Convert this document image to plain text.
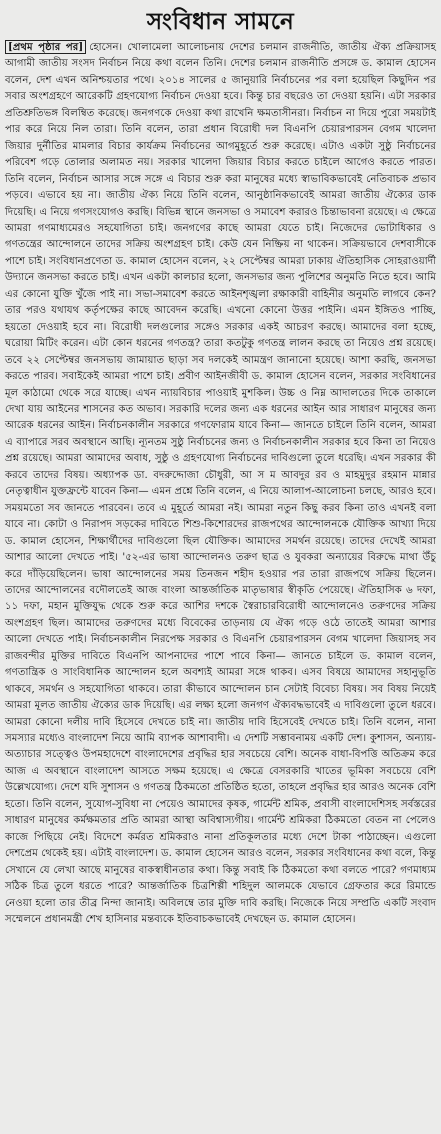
সংবিধান সামনে

[প্রথম পৃষ্ঠার পর] হোসেন। খোলামেলা আলোচনায় দেশের চলমান রাজনীতি, জাতীয় ঐক্য প্রক্রিয়াসহ আগামী জাতীয় সংসদ নির্বাচন নিয়ে কথা বলেন তিনি। দেশের চলমান রাজনীতি প্রসঙ্গে ড. কামাল হোসেন বলেন, দেশ এখন অনিশ্চয়তার পথে। ২০১৪ সালের ৫ জানুয়ারি নির্বাচনের পর বলা হয়েছিল কিছুদিন পর সবার অংশগ্রহণে আরেকটি গ্রহণযোগ্য নির্বাচন দেওয়া হবে। কিন্তু চার বছরেও তা দেওয়া হয়নি। এটা সরকার প্রতিশ্রুতিভঙ্গ বিলম্বিত করেছে। জনগণকে দেওয়া কথা রাখেনি ক্ষমতাসীনরা। নির্বাচন না দিয়ে পুরো সময়টাই পার করে নিয়ে নিল তারা। তিনি বলেন, তারা প্রধান বিরোধী দল বিএনপি চেয়ারপারসন বেগম খালেদা জিয়ার দুর্নীতির মামলার বিচার কার্যক্রম নির্বাচনের আগমুহূর্তে শুরু করেছে। এটাও একটা সুষ্ঠু নির্বাচনের পরিবেশ গড়ে তোলার অলামত নয়। সরকার খালেদা জিয়ার বিচার করতে চাইলে আগেও করতে পারত। তিনি বলেন, নির্বাচন আসার সঙ্গে সঙ্গে এ বিচার শুরু করা মানুষের মধ্যে স্বাভাবিকভাবেই নেতিবাচক প্রভাব পড়বে। এভাবে হয় না। জাতীয় ঐক্য নিয়ে তিনি বলেন, আনুষ্ঠানিকভাবেই আমরা জাতীয় ঐক্যের ডাক দিয়েছি। এ নিয়ে গণসংযোগও করছি। বিভিন্ন স্থানে জনসভা ও সমাবেশ করারও চিন্তাভাবনা রয়েছে। এ ক্ষেত্রে আমরা গণমাধ্যমেরও সহযোগিতা চাই। জনগণের কাছে আমরা যেতে চাই। নিজেদের ভোটাধিকার ও গণতন্ত্রের আন্দোলনে তাদের সক্রিয় অংশগ্রহণ চাই। কেউ যেন নিষ্ক্রিয় না থাকেন। সক্রিয়ভাবে দেশবাসীকে পাশে চাই। সংবিধানপ্রণেতা ড. কামাল হোসেন বলেন, ২২ সেপ্টেম্বর আমরা ঢাকায় ঐতিহাসিক সোহরাওয়ার্দী উদ্যানে জনসভা করতে চাই। এখন একটা কালচার হলো, জনসভার জন্য পুলিশের অনুমতি নিতে হবে। আমি এর কোনো যুক্তি খুঁজে পাই না। সভা-সমাবেশ করতে আইনশৃঙ্খলা রক্ষাকারী বাহিনীর অনুমতি লাগবে কেন? তার পরও যথাযথ কর্তৃপক্ষের কাছে আবেদন করেছি। এখনো কোনো উত্তর পাইনি। এমন ইঙ্গিতও পাচ্ছি, হয়তো দেওয়াই হবে না। বিরোধী দলগুলোর সঙ্গেও সরকার একই আচরণ করছে। আমাদের বলা হচ্ছে, ঘরোয়া মিটিং করেন। এটা কোন ধরনের গণতন্ত্র? তারা কতটুকু গণতন্ত্র লালন করছে তা নিয়েও প্রশ্ন রয়েছে। তবে ২২ সেপ্টেম্বর জনসভায় জামায়াত ছাড়া সব দলকেই আমন্ত্রণ জানানো হয়েছে। আশা করছি, জনসভা করতে পারব। সবাইকেই আমরা পাশে চাই। প্রবীণ আইনজীবী ড. কামাল হোসেন বলেন, সরকার সংবিধানের মূল কাঠামো থেকে সরে যাচ্ছে। এখন ন্যায়বিচার পাওয়াই মুশকিল। উচ্চ ও নিম্ন আদালতের দিকে তাকালে দেখা যায় আইনের শাসনের কত অভাব। সরকারি দলের জন্য এক ধরনের আইন আর সাধারণ মানুষের জন্য আরেক ধরনের আইন। নির্বাচনকালীন সরকারে গণফোরাম যাবে কিনা— জানতে চাইলে তিনি বলেন, আমরা এ ব্যাপারে সরব অবস্থানে আছি। ন্যূনতম সুষ্ঠু নির্বাচনের জন্য ও নির্বাচনকালীন সরকার হবে কিনা তা নিয়েও প্রশ্ন রয়েছে। আমরা আমাদের অবাধ, সুষ্ঠু ও গ্রহণযোগ্য নির্বাচনের দাবিগুলো তুলে ধরেছি। এখন সরকার কী করবে তাদের বিষয়। অধ্যাপক ডা. বদরুদ্দোজা চৌধুরী, আ স ম আবদুর রব ও মাহমুদুর রহমান মান্নার নেতৃত্বাধীন যুক্তফ্রন্টে যাবেন কিনা— এমন প্রশ্নে তিনি বলেন, এ নিয়ে আলাপ-আলোচনা চলছে, আরও হবে। সময়মতো সব জানতে পারবেন। তবে এ মুহূর্তে আমরা নই। আমরা নতুন কিছু করব কিনা তাও এখনই বলা যাবে না। কোটা ও নিরাপদ সড়কের দাবিতে শিশু-কিশোরদের রাজপথের আন্দোলনকে যৌক্তিক আখ্যা দিয়ে ড. কামাল হোসেন, শিক্ষার্থীদের দাবিগুলো ছিল যৌক্তিক। আমাদের সমর্থন রয়েছে। তাদের দেখেই আমরা আশার আলো দেখতে পাই। '৫২-এর ভাষা আন্দোলনও তরুণ ছাত্র ও যুবকরা অন্যায়ের বিরুদ্ধে মাথা উঁচু করে দাঁড়িয়েছিলেন। ভাষা আন্দোলনের সময় তিনজন শহীদ হওয়ার পর তারা রাজপথে সক্রিয় ছিলেন। তাদের আন্দোলনের বদৌলতেই আজ বাংলা আন্তর্জাতিক মাতৃভাষার স্বীকৃতি পেয়েছে। ঐতিহাসিক ৬ দফা, ১১ দফা, মহান মুক্তিযুদ্ধ থেকে শুরু করে আশির দশকে স্বৈরাচারবিরোধী আন্দোলনেও তরুণদের সক্রিয় অংশগ্রহণ ছিল। আমাদের তরুণদের মধ্যে বিবেকের তাড়নায় যে ঐক্য গড়ে ওঠে তাতেই আমরা আশার আলো দেখতে পাই। নির্বাচনকালীন নিরপেক্ষ সরকার ও বিএনপি চেয়ারপারসন বেগম খালেদা জিয়াসহ সব রাজবন্দীর মুক্তির দাবিতে বিএনপি আপনাদের পাশে পাবে কিনা— জানতে চাইলে ড. কামাল বলেন, গণতান্ত্রিক ও সাংবিধানিক আন্দোলন হলে অবশ্যই আমরা সঙ্গে থাকব। এসব বিষয়ে আমাদের সহানুভূতি থাকবে, সমর্থন ও সহযোগিতা থাকবে। তারা কীভাবে আন্দোলন চান সেটাই বিবেচ্য বিষয়। সব বিষয় নিয়েই আমরা মূলত জাতীয় ঐক্যের ডাক দিয়েছি। এর লক্ষ্য হলো জনগণ ঐক্যবদ্ধভাবেই এ দাবিগুলো তুলে ধরবে। আমরা কোনো দলীয় দাবি হিসেবে দেখতে চাই না। জাতীয় দাবি হিসেবেই দেখতে চাই। তিনি বলেন, নানা সমস্যার মধ্যেও বাংলাদেশ নিয়ে আমি ব্যাপক আশাবাদী। এ দেশটি সম্ভাবনাময় একটি দেশ। কুশাসন, অন্যায়-অত্যাচার সত্ত্বেও উপমহাদেশে বাংলাদেশের প্রবৃদ্ধির হার সবচেয়ে বেশি। অনেক বাধা-বিপত্তি অতিক্রম করে আজ এ অবস্থানে বাংলাদেশ আসতে সক্ষম হয়েছে। এ ক্ষেত্রে বেসরকারি খাতের ভূমিকা সবচেয়ে বেশি উল্লেখযোগ্য। দেশে যদি সুশাসন ও গণতন্ত্র ঠিকমতো প্রতিষ্ঠিত হতো, তাহলে প্রবৃদ্ধির হার আরও অনেক বেশি হতো। তিনি বলেন, সুযোগ-সুবিধা না পেয়েও আমাদের কৃষক, গার্মেন্ট শ্রমিক, প্রবাসী বাংলাদেশিসহ সর্বস্তরের সাধারণ মানুষের কর্মক্ষমতার প্রতি আমরা আস্থা অবিশ্বাস্যগীয়। গার্মেন্ট শ্রমিকরা ঠিকমতো বেতন না পেলেও কাজে পিছিয়ে নেই। বিদেশে কর্মরত শ্রমিকরাও নানা প্রতিকূলতার মধ্যে দেশে টাকা পাঠাচ্ছেন। এগুলো দেশপ্রেম থেকেই হয়। এটাই বাংলাদেশ। ড. কামাল হোসেন আরও বলেন, সরকার সংবিধানের কথা বলে, কিন্তু সেখানে যে লেখা আছে মানুষের বাকস্বাধীনতার কথা। কিন্তু সবাই কি ঠিকমতো কথা বলতে পারে? গণমাধ্যম সঠিক চিত্র তুলে ধরতে পারে? আন্তর্জাতিক চিত্রশিল্পী শহিদুল আলমকে যেভাবে গ্রেফতার করে রিমান্ডে নেওয়া হলো তার তীব্র নিন্দা জানাই। অবিলম্বে তার মুক্তি দাবি করছি। নিজেকে নিয়ে সম্প্রতি একটি সংবাদ সম্মেলনে প্রধানমন্ত্রী শেখ হাসিনার মন্তব্যকে ইতিবাচকভাবেই দেখছেন ড. কামাল হোসেন।
